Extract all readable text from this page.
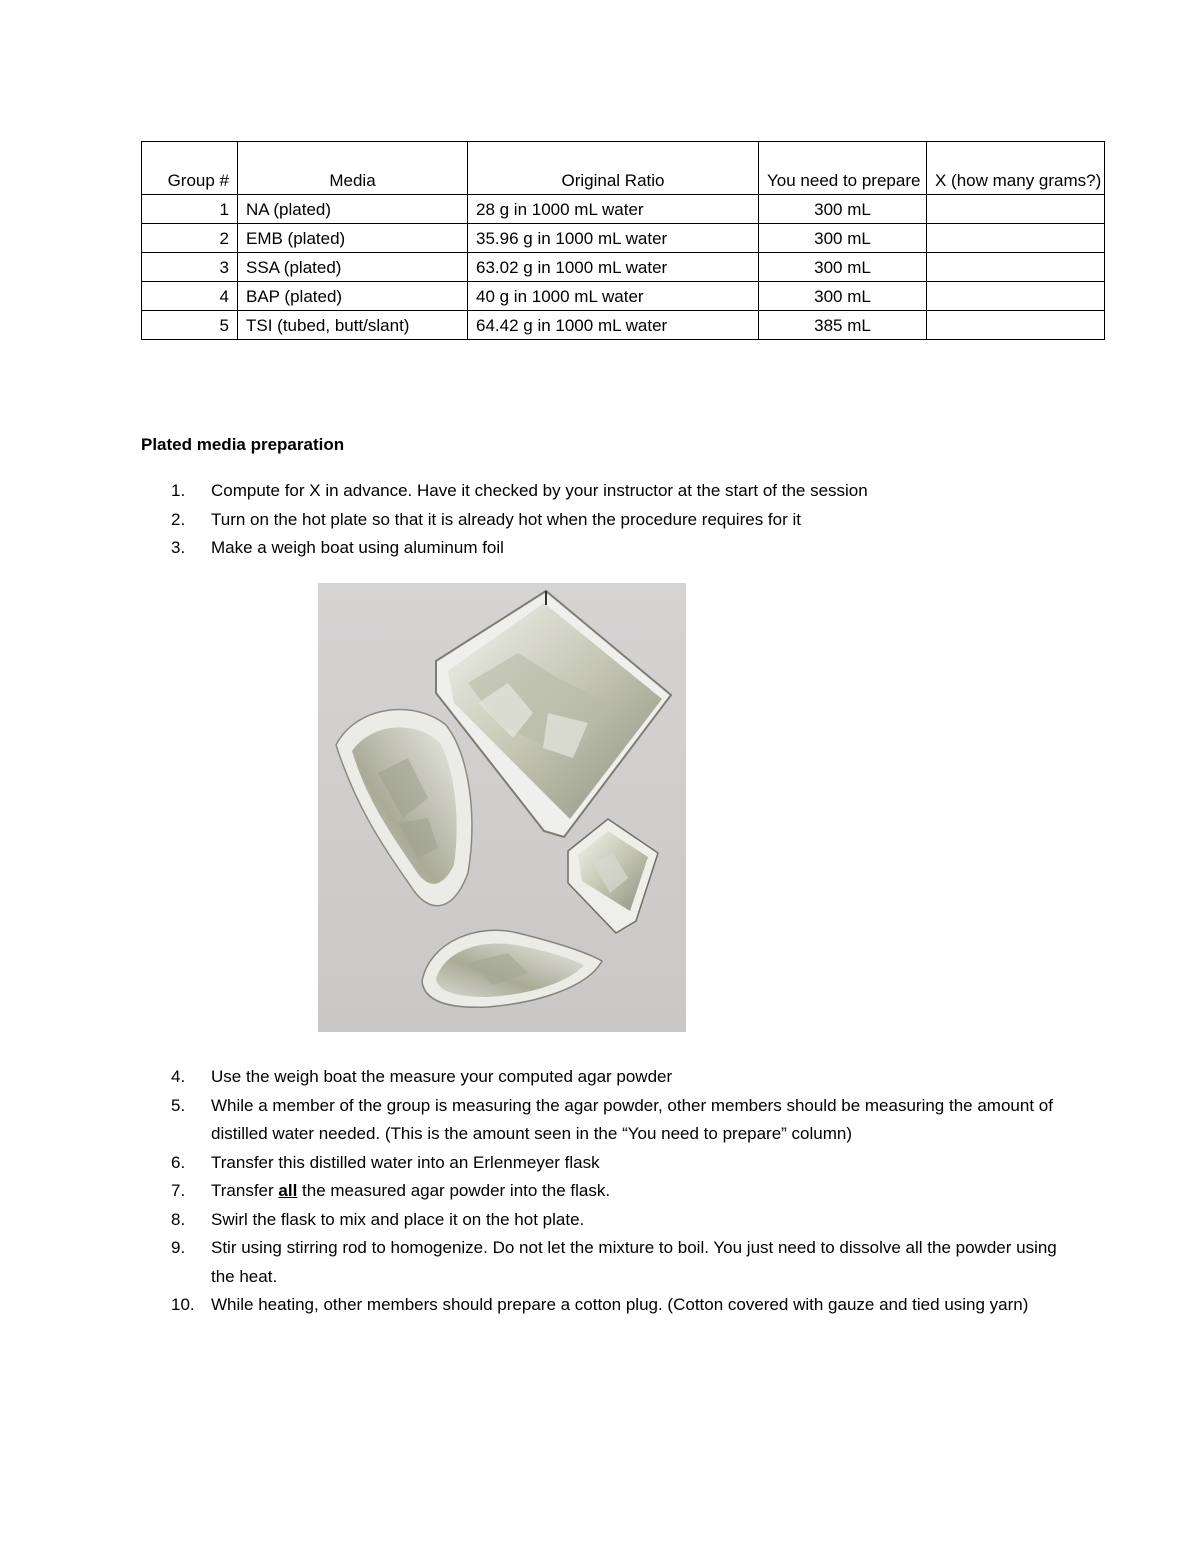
Group #	Media	Original Ratio	You need to prepare	X (how many grams?)
1	NA (plated)	28 g in 1000 mL water	300 mL	
2	EMB (plated)	35.96 g in 1000 mL water	300 mL	
3	SSA (plated)	63.02 g in 1000 mL water	300 mL	
4	BAP (plated)	40 g in 1000 mL water	300 mL	
5	TSI (tubed, butt/slant)	64.42 g in 1000 mL water	385 mL	
Plated media preparation
1.	Compute for X in advance. Have it checked by your instructor at the start of the session
2.	Turn on the hot plate so that it is already hot when the procedure requires for it
3.	Make a weigh boat using aluminum foil
4.	Use the weigh boat the measure your computed agar powder
5.	While a member of the group is measuring the agar powder, other members should be measuring the amount of distilled water needed. (This is the amount seen in the “You need to prepare” column)
6.	Transfer this distilled water into an Erlenmeyer flask
7.	Transfer all the measured agar powder into the flask.
8.	Swirl the flask to mix and place it on the hot plate.
9.	Stir using stirring rod to homogenize. Do not let the mixture to boil. You just need to dissolve all the powder using the heat.
10. While heating, other members should prepare a cotton plug. (Cotton covered with gauze and tied using yarn)
